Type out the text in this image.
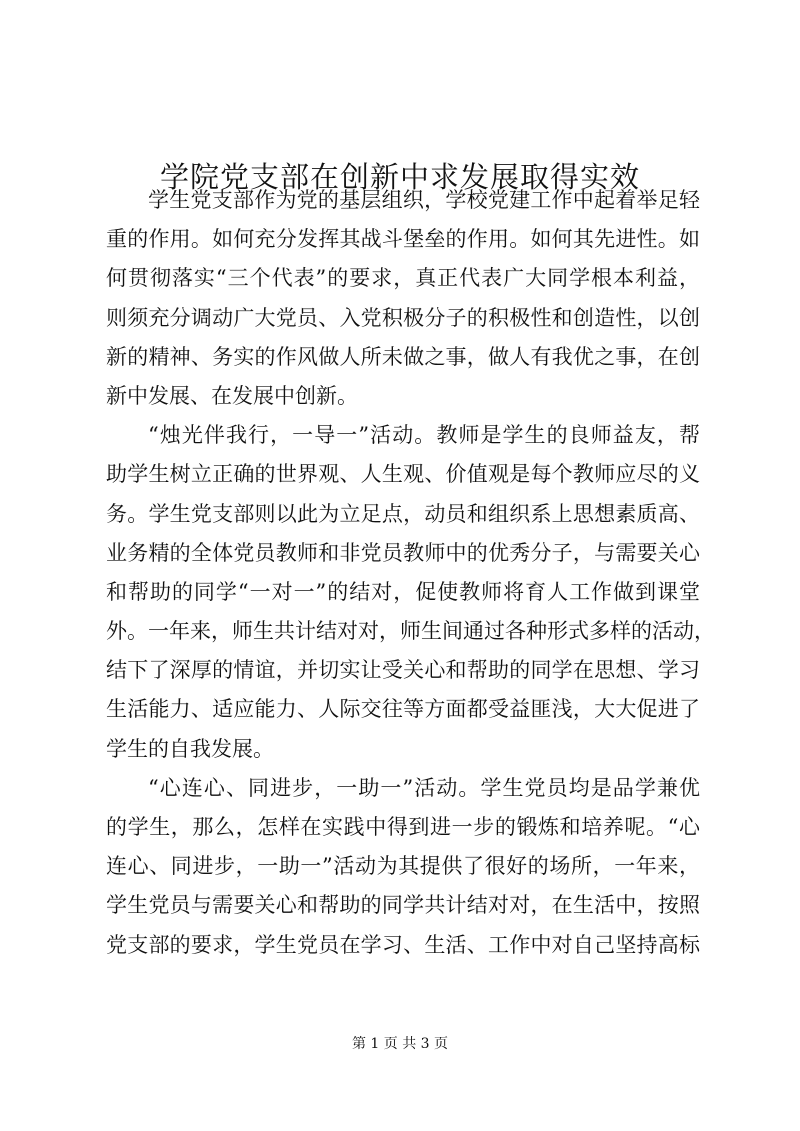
学院党支部在创新中求发展取得实效
学生党支部作为党的基层组织，学校党建工作中起着举足轻
重的作用。如何充分发挥其战斗堡垒的作用。如何其先进性。如
何贯彻落实“三个代表”的要求，真正代表广大同学根本利益，
则须充分调动广大党员、入党积极分子的积极性和创造性，以创
新的精神、务实的作风做人所未做之事，做人有我优之事，在创
新中发展、在发展中创新。
“烛光伴我行，一导一”活动。教师是学生的良师益友，帮
助学生树立正确的世界观、人生观、价值观是每个教师应尽的义
务。学生党支部则以此为立足点，动员和组织系上思想素质高、
业务精的全体党员教师和非党员教师中的优秀分子，与需要关心
和帮助的同学“一对一”的结对，促使教师将育人工作做到课堂
外。一年来，师生共计结对对，师生间通过各种形式多样的活动，
结下了深厚的情谊，并切实让受关心和帮助的同学在思想、学习
生活能力、适应能力、人际交往等方面都受益匪浅，大大促进了
学生的自我发展。
“心连心、同进步，一助一”活动。学生党员均是品学兼优
的学生，那么，怎样在实践中得到进一步的锻炼和培养呢。“心
连心、同进步，一助一”活动为其提供了很好的场所，一年来，
学生党员与需要关心和帮助的同学共计结对对，在生活中，按照
党支部的要求，学生党员在学习、生活、工作中对自己坚持高标
第 1 页 共 3 页
